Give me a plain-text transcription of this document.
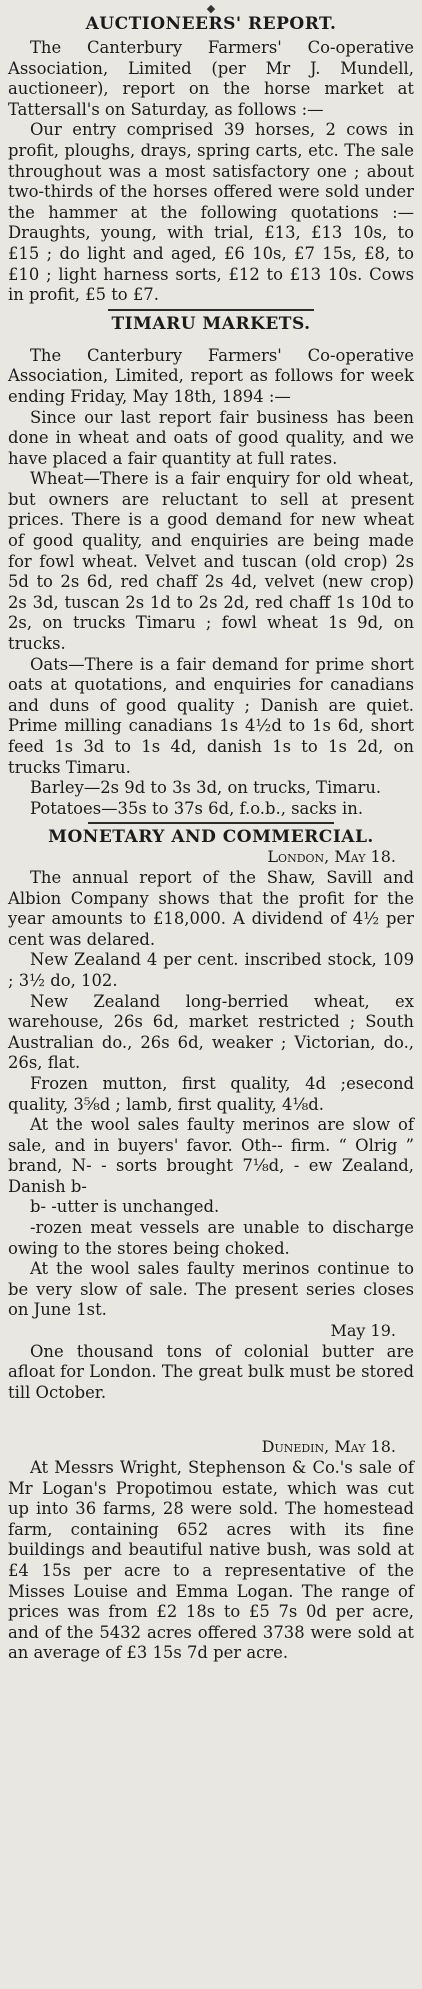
◆
AUCTIONEERS' REPORT.

The Canterbury Farmers' Co-operative Association, Limited (per Mr J. Mundell, auctioneer), report on the horse market at Tattersall's on Saturday, as follows :—

Our entry comprised 39 horses, 2 cows in profit, ploughs, drays, spring carts, etc. The sale throughout was a most satisfactory one ; about two-thirds of the horses offered were sold under the hammer at the following quotations :—Draughts, young, with trial, £13, £13 10s, to £15 ; do light and aged, £6 10s, £7 15s, £8, to £10 ; light harness sorts, £12 to £13 10s. Cows in profit, £5 to £7.

TIMARU MARKETS.

The Canterbury Farmers' Co-operative Association, Limited, report as follows for week ending Friday, May 18th, 1894 :—

Since our last report fair business has been done in wheat and oats of good quality, and we have placed a fair quantity at full rates.

Wheat—There is a fair enquiry for old wheat, but owners are reluctant to sell at present prices. There is a good demand for new wheat of good quality, and enquiries are being made for fowl wheat. Velvet and tuscan (old crop) 2s 5d to 2s 6d, red chaff 2s 4d, velvet (new crop) 2s 3d, tuscan 2s 1d to 2s 2d, red chaff 1s 10d to 2s, on trucks Timaru ; fowl wheat 1s 9d, on trucks.

Oats—There is a fair demand for prime short oats at quotations, and enquiries for canadians and duns of good quality ; Danish are quiet. Prime milling canadians 1s 4½d to 1s 6d, short feed 1s 3d to 1s 4d, danish 1s to 1s 2d, on trucks Timaru.

Barley—2s 9d to 3s 3d, on trucks, Timaru.

Potatoes—35s to 37s 6d, f.o.b., sacks in.

MONETARY AND COMMERCIAL.
London, May 18.

The annual report of the Shaw, Savill and Albion Company shows that the profit for the year amounts to £18,000. A dividend of 4½ per cent was delared.

New Zealand 4 per cent. inscribed stock, 109 ; 3½ do, 102.

New Zealand long-berried wheat, ex warehouse, 26s 6d, market restricted ; South Australian do., 26s 6d, weaker ; Victorian, do., 26s, flat.

Frozen mutton, first quality, 4d ;esecond quality, 3⅝d ; lamb, first quality, 4⅛d.

At the wool sales faulty merinos are slow of sale, and in buyers' favor. Oth-- firm. “ Olrig ” brand, N- - sorts brought 7⅛d, - ew Zealand, Danish b-

b- -utter is unchanged.

-rozen meat vessels are unable to discharge owing to the stores being choked.

At the wool sales faulty merinos continue to be very slow of sale. The present series closes on June 1st.

May 19.

One thousand tons of colonial butter are afloat for London. The great bulk must be stored till October.

Dunedin, May 18.

At Messrs Wright, Stephenson & Co.'s sale of Mr Logan's Propotimou estate, which was cut up into 36 farms, 28 were sold. The homestead farm, containing 652 acres with its fine buildings and beautiful native bush, was sold at £4 15s per acre to a representative of the Misses Louise and Emma Logan. The range of prices was from £2 18s to £5 7s 0d per acre, and of the 5432 acres offered 3738 were sold at an average of £3 15s 7d per acre.
